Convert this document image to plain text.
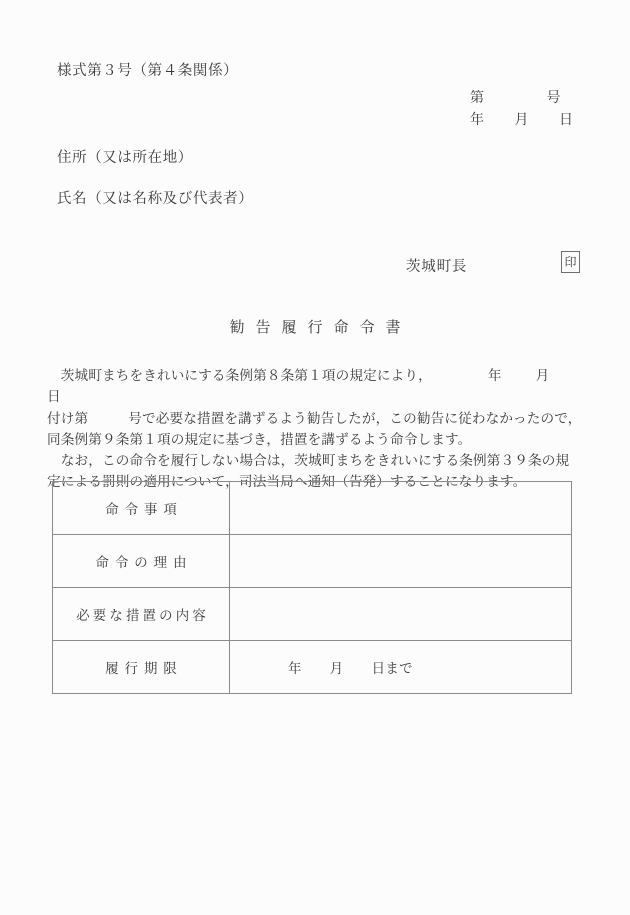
様式第３号（第４条関係）
第	号
年 月 日
住所（又は所在地）
氏名（又は名称及び代表者）
茨城町長	印
勧告履行命令書

　茨城町まちをきれいにする条例第８条第１項の規定により，	年	月日
付け第	号で必要な措置を講ずるよう勧告したが，この勧告に従わなかったので，
同条例第９条第１項の規定に基づき，措置を講ずるよう命令します。

　なお，この命令を履行しない場合は，茨城町まちをきれいにする条例第３９条の規
定による罰則の適用について，司法当局へ通知（告発）することになります。

命令事項	
命令の理由	
必要な措置の内容	
履行期限	年 月 日まで
